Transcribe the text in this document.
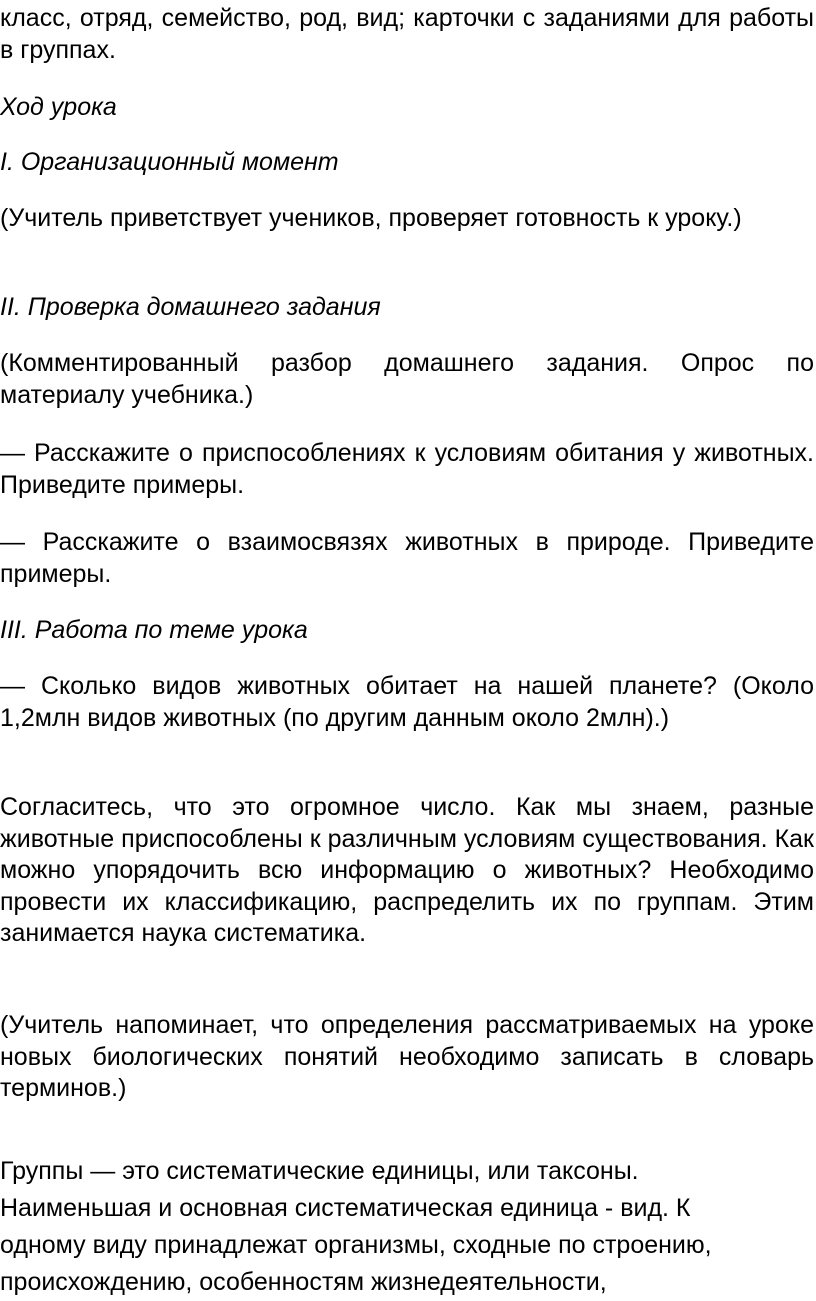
класс, отряд, семейство, род, вид; карточки с заданиями для работы в группах.

Ход урока

I. Организационный момент

(Учитель приветствует учеников, проверяет готовность к уроку.)

II. Проверка домашнего задания

(Комментированный разбор домашнего задания. Опрос по материалу учебника.)

— Расскажите о приспособлениях к условиям обитания у животных. Приведите примеры.

— Расскажите о взаимосвязях животных в природе. Приведите примеры.

III. Работа по теме урока

— Сколько видов животных обитает на нашей планете? (Около 1,2млн видов животных (по другим данным около 2млн).)

Согласитесь, что это огромное число. Как мы знаем, разные животные приспособлены к различным условиям существования. Как можно упорядочить всю информацию о животных? Необходимо провести их классификацию, распределить их по группам. Этим занимается наука систематика.

(Учитель напоминает, что определения рассматриваемых на уроке новых биологических понятий необходимо записать в словарь терминов.)

Группы — это систематические единицы, или таксоны. Наименьшая и основная систематическая единица - вид. К одному виду принадлежат организмы, сходные по строению, происхождению, особенностям жизнедеятельности,
